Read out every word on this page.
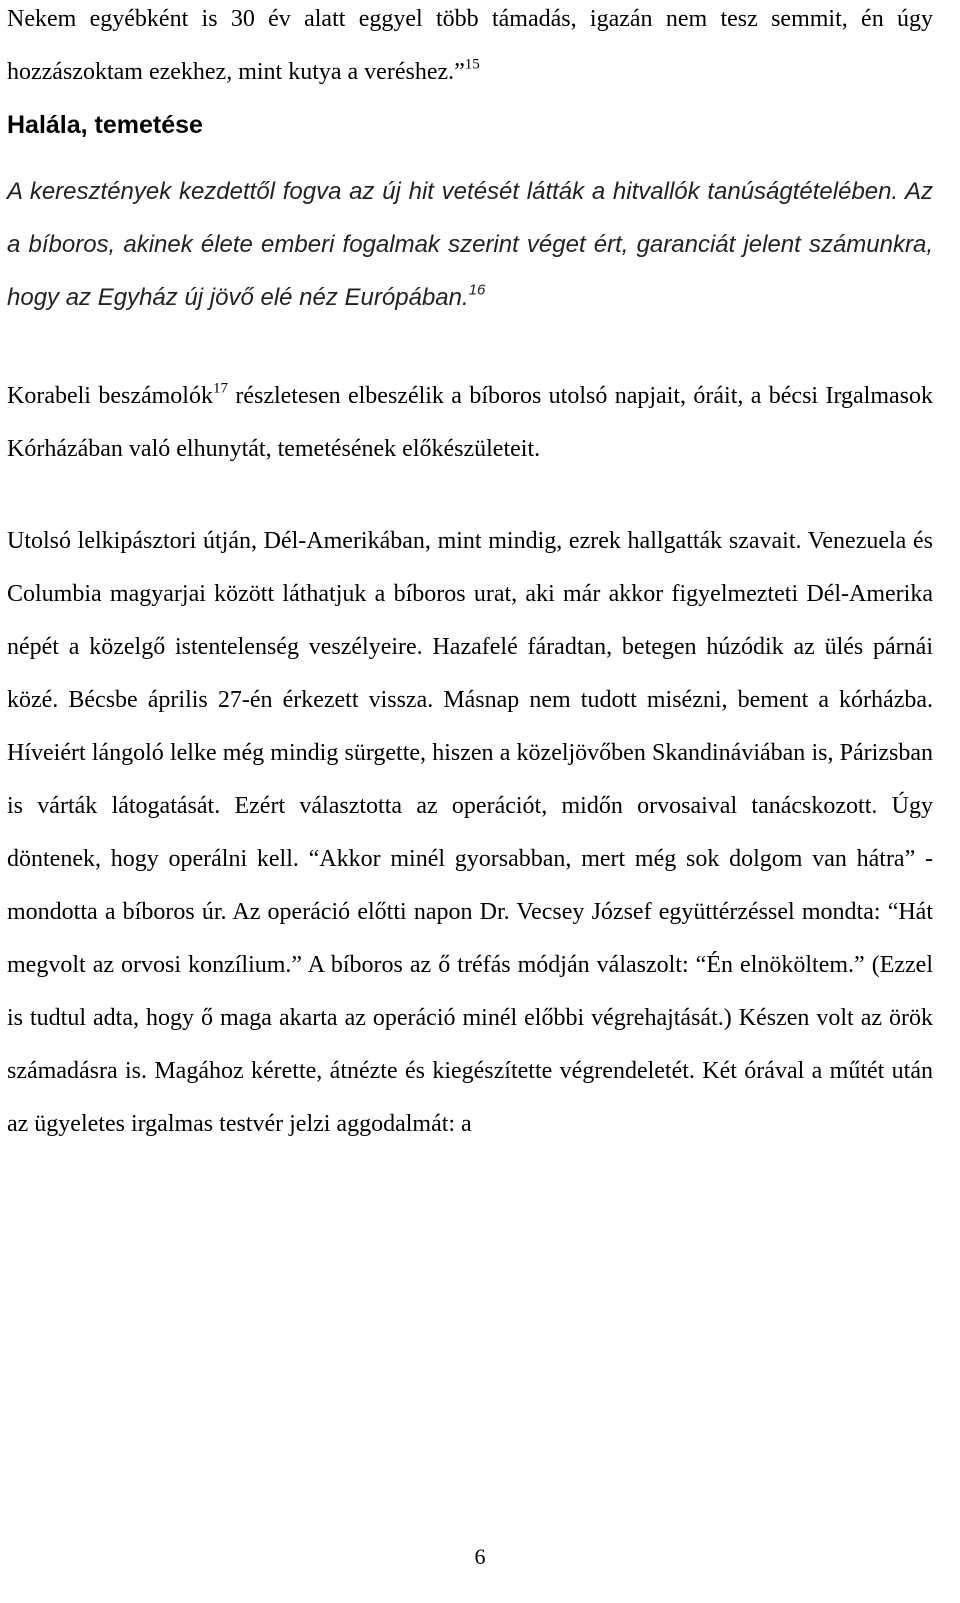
Nekem egyébként is 30 év alatt eggyel több támadás, igazán nem tesz semmit, én úgy hozzászoktam ezekhez, mint kutya a veréshez.”$^{15}$

Halála, temetése

A keresztények kezdettől fogva az új hit vetését látták a hitvallók tanúságtételében. Az a bíboros, akinek élete emberi fogalmak szerint véget ért, garanciát jelent számunkra, hogy az Egyház új jövő elé néz Európában.$^{16}$

Korabeli beszámolók$^{17}$ részletesen elbeszélik a bíboros utolsó napjait, óráit, a bécsi Irgalmasok Kórházában való elhunytát, temetésének előkészületeit.

Utolsó lelkipásztori útján, Dél-Amerikában, mint mindig, ezrek hallgatták szavait. Venezuela és Columbia magyarjai között láthatjuk a bíboros urat, aki már akkor figyelmezteti Dél-Amerika népét a közelgő istentelenség veszélyeire. Hazafelé fáradtan, betegen húzódik az ülés párnái közé. Bécsbe április 27-én érkezett vissza. Másnap nem tudott misézni, bement a kórházba. Híveiért lángoló lelke még mindig sürgette, hiszen a közeljövőben Skandináviában is, Párizsban is várták látogatását. Ezért választotta az operációt, midőn orvosaival tanácskozott. Úgy döntenek, hogy operálni kell. “Akkor minél gyorsabban, mert még sok dolgom van hátra” - mondotta a bíboros úr. Az operáció előtti napon Dr. Vecsey József együttérzéssel mondta: “Hát megvolt az orvosi konzílium.” A bíboros az ő tréfás módján válaszolt: “Én elnököltem.” (Ezzel is tudtul adta, hogy ő maga akarta az operáció minél előbbi végrehajtását.) Készen volt az örök számadásra is. Magához kérette, átnézte és kiegészítette végrendeletét. Két órával a műtét után az ügyeletes irgalmas testvér jelzi aggodalmát: a

6
